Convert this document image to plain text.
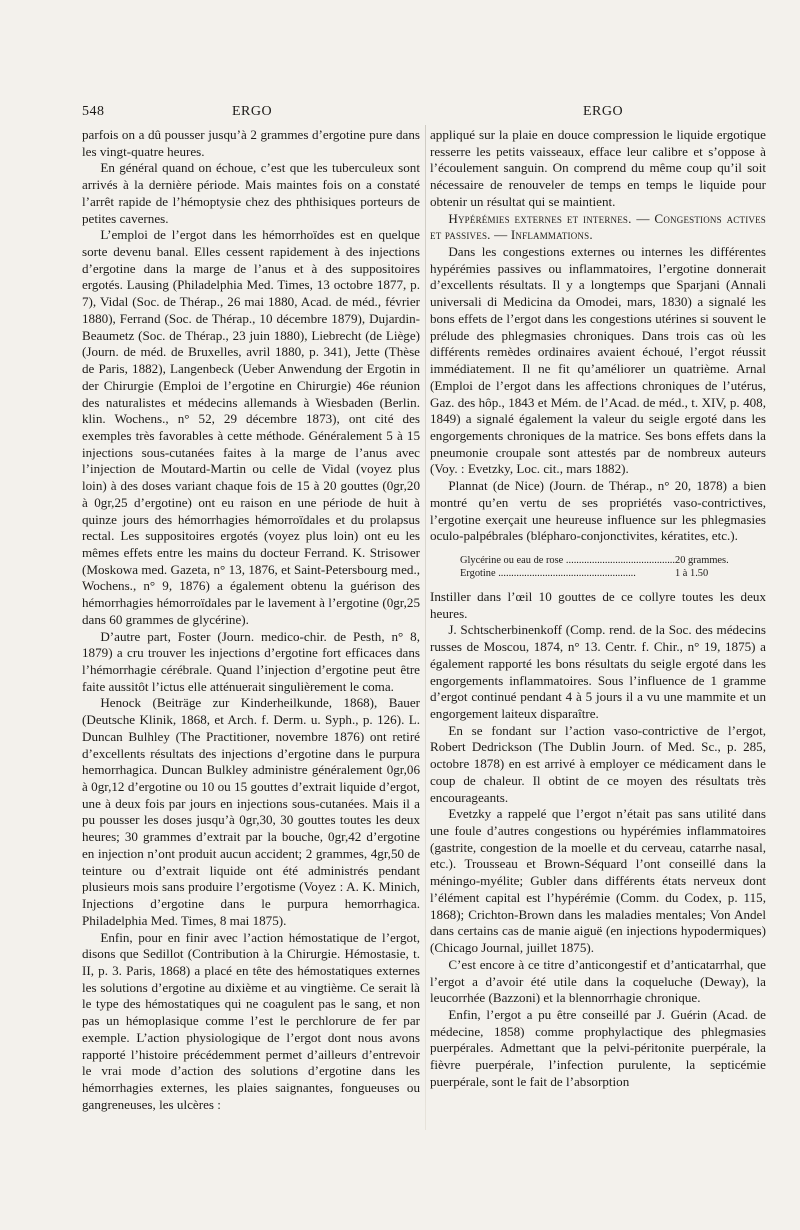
548	ERGO	ERGO

parfois on a dû pousser jusqu’à 2 grammes d’ergotine pure dans les vingt-quatre heures.

En général quand on échoue, c’est que les tuberculeux sont arrivés à la dernière période. Mais maintes fois on a constaté l’arrêt rapide de l’hémoptysie chez des phthisiques porteurs de petites cavernes.

L’emploi de l’ergot dans les hémorrhoïdes est en quelque sorte devenu banal. Elles cessent rapidement à des injections d’ergotine dans la marge de l’anus et à des suppositoires ergotés. Lausing (Philadelphia Med. Times, 13 octobre 1877, p. 7), Vidal (Soc. de Thérap., 26 mai 1880, Acad. de méd., février 1880), Ferrand (Soc. de Thérap., 10 décembre 1879), Dujardin-Beaumetz (Soc. de Thérap., 23 juin 1880), Liebrecht (de Liège) (Journ. de méd. de Bruxelles, avril 1880, p. 341), Jette (Thèse de Paris, 1882), Langenbeck (Ueber Anwendung der Ergotin in der Chirurgie (Emploi de l’ergotine en Chirurgie) 46e réunion des naturalistes et médecins allemands à Wiesbaden (Berlin. klin. Wochens., n° 52, 29 décembre 1873), ont cité des exemples très favorables à cette méthode. Généralement 5 à 15 injections sous-cutanées faites à la marge de l’anus avec l’injection de Moutard-Martin ou celle de Vidal (voyez plus loin) à des doses variant chaque fois de 15 à 20 gouttes (0gr,20 à 0gr,25 d’ergotine) ont eu raison en une période de huit à quinze jours des hémorrhagies hémorroïdales et du prolapsus rectal. Les suppositoires ergotés (voyez plus loin) ont eu les mêmes effets entre les mains du docteur Ferrand. K. Strisower (Moskowa med. Gazeta, n° 13, 1876, et Saint-Petersbourg med., Wochens., n° 9, 1876) a également obtenu la guérison des hémorrhagies hémorroïdales par le lavement à l’ergotine (0gr,25 dans 60 grammes de glycérine).

D’autre part, Foster (Journ. medico-chir. de Pesth, n° 8, 1879) a cru trouver les injections d’ergotine fort efficaces dans l’hémorrhagie cérébrale. Quand l’injection d’ergotine peut être faite aussitôt l’ictus elle atténuerait singulièrement le coma.

Henock (Beiträge zur Kinderheilkunde, 1868), Bauer (Deutsche Klinik, 1868, et Arch. f. Derm. u. Syph., p. 126). L. Duncan Bulhley (The Practitioner, novembre 1876) ont retiré d’excellents résultats des injections d’ergotine dans le purpura hemorrhagica. Duncan Bulkley administre généralement 0gr,06 à 0gr,12 d’ergotine ou 10 ou 15 gouttes d’extrait liquide d’ergot, une à deux fois par jours en injections sous-cutanées. Mais il a pu pousser les doses jusqu’à 0gr,30, 30 gouttes toutes les deux heures; 30 grammes d’extrait par la bouche, 0gr,42 d’ergotine en injection n’ont produit aucun accident; 2 grammes, 4gr,50 de teinture ou d’extrait liquide ont été administrés pendant plusieurs mois sans produire l’ergotisme (Voyez : A. K. Minich, Injections d’ergotine dans le purpura hemorrhagica. Philadelphia Med. Times, 8 mai 1875).

Enfin, pour en finir avec l’action hémostatique de l’ergot, disons que Sedillot (Contribution à la Chirurgie. Hémostasie, t. II, p. 3. Paris, 1868) a placé en tête des hémostatiques externes les solutions d’ergotine au dixième et au vingtième. Ce serait là le type des hémostatiques qui ne coagulent pas le sang, et non pas un hémoplasique comme l’est le perchlorure de fer par exemple. L’action physiologique de l’ergot dont nous avons rapporté l’histoire précédemment permet d’ailleurs d’entrevoir le vrai mode d’action des solutions d’ergotine dans les hémorrhagies externes, les plaies saignantes, fongueuses ou gangreneuses, les ulcères :

appliqué sur la plaie en douce compression le liquide ergotique resserre les petits vaisseaux, efface leur calibre et s’oppose à l’écoulement sanguin. On comprend du même coup qu’il soit nécessaire de renouveler de temps en temps le liquide pour obtenir un résultat qui se maintient.

Hypérémies externes et internes. — Congestions actives et passives. — Inflammations.

Dans les congestions externes ou internes les différentes hypérémies passives ou inflammatoires, l’ergotine donnerait d’excellents résultats. Il y a longtemps que Sparjani (Annali universali di Medicina da Omodei, mars, 1830) a signalé les bons effets de l’ergot dans les congestions utérines si souvent le prélude des phlegmasies chroniques. Dans trois cas où les différents remèdes ordinaires avaient échoué, l’ergot réussit immédiatement. Il ne fit qu’améliorer un quatrième. Arnal (Emploi de l’ergot dans les affections chroniques de l’utérus, Gaz. des hôp., 1843 et Mém. de l’Acad. de méd., t. XIV, p. 408, 1849) a signalé également la valeur du seigle ergoté dans les engorgements chroniques de la matrice. Ses bons effets dans la pneumonie croupale sont attestés par de nombreux auteurs (Voy. : Evetzky, Loc. cit., mars 1882).

Plannat (de Nice) (Journ. de Thérap., n° 20, 1878) a bien montré qu’en vertu de ses propriétés vaso-contrictives, l’ergotine exerçait une heureuse influence sur les phlegmasies oculo-palpébrales (blépharo-conjonctivites, kératites, etc.).

Glycérine ou eau de rose .....	20 grammes.
Ergotine .....	1 à 1.50

Instiller dans l’œil 10 gouttes de ce collyre toutes les deux heures.

J. Schtscherbinenkoff (Comp. rend. de la Soc. des médecins russes de Moscou, 1874, n° 13. Centr. f. Chir., n° 19, 1875) a également rapporté les bons résultats du seigle ergoté dans les engorgements inflammatoires. Sous l’influence de 1 gramme d’ergot continué pendant 4 à 5 jours il a vu une mammite et un engorgement laiteux disparaître.

En se fondant sur l’action vaso-contrictive de l’ergot, Robert Dedrickson (The Dublin Journ. of Med. Sc., p. 285, octobre 1878) en est arrivé à employer ce médicament dans le coup de chaleur. Il obtint de ce moyen des résultats très encourageants.

Evetzky a rappelé que l’ergot n’était pas sans utilité dans une foule d’autres congestions ou hypérémies inflammatoires (gastrite, congestion de la moelle et du cerveau, catarrhe nasal, etc.). Trousseau et Brown-Séquard l’ont conseillé dans la méningo-myélite; Gubler dans différents états nerveux dont l’élément capital est l’hypérémie (Comm. du Codex, p. 115, 1868); Crichton-Brown dans les maladies mentales; Von Andel dans certains cas de manie aiguë (en injections hypodermiques) (Chicago Journal, juillet 1875).

C’est encore à ce titre d’anticongestif et d’anticatarrhal, que l’ergot a d’avoir été utile dans la coqueluche (Deway), la leucorrhée (Bazzoni) et la blennorrhagie chronique.

Enfin, l’ergot a pu être conseillé par J. Guérin (Acad. de médecine, 1858) comme prophylactique des phlegmasies puerpérales. Admettant que la pelvi-péritonite puerpérale, la fièvre puerpérale, l’infection purulente, la septicémie puerpérale, sont le fait de l’absorption
